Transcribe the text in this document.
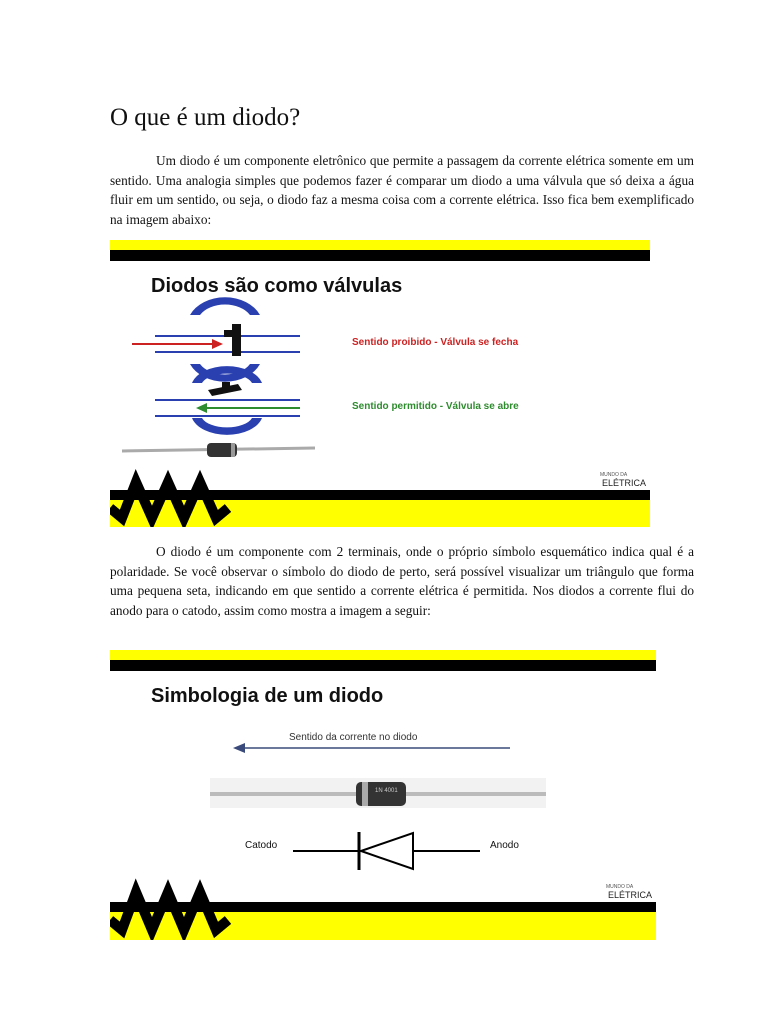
O que é um diodo?

Um diodo é um componente eletrônico que permite a passagem da corrente elétrica somente em um sentido. Uma analogia simples que podemos fazer é comparar um diodo a uma válvula que só deixa a água fluir em um sentido, ou seja, o diodo faz a mesma coisa com a corrente elétrica. Isso fica bem exemplificado na imagem abaixo:

Diodos são como válvulas
Sentido proibido - Válvula se fecha
Sentido permitido - Válvula se abre
MUNDO DA
ELÉTRICA

O diodo é um componente com 2 terminais, onde o próprio símbolo esquemático indica qual é a polaridade. Se você observar o símbolo do diodo de perto, será possível visualizar um triângulo que forma uma pequena seta, indicando em que sentido a corrente elétrica é permitida. Nos diodos a corrente flui do anodo para o catodo, assim como mostra a imagem a seguir:

Simbologia de um diodo
Sentido da corrente no diodo
1N 4001
Catodo	Anodo
MUNDO DA
ELÉTRICA
